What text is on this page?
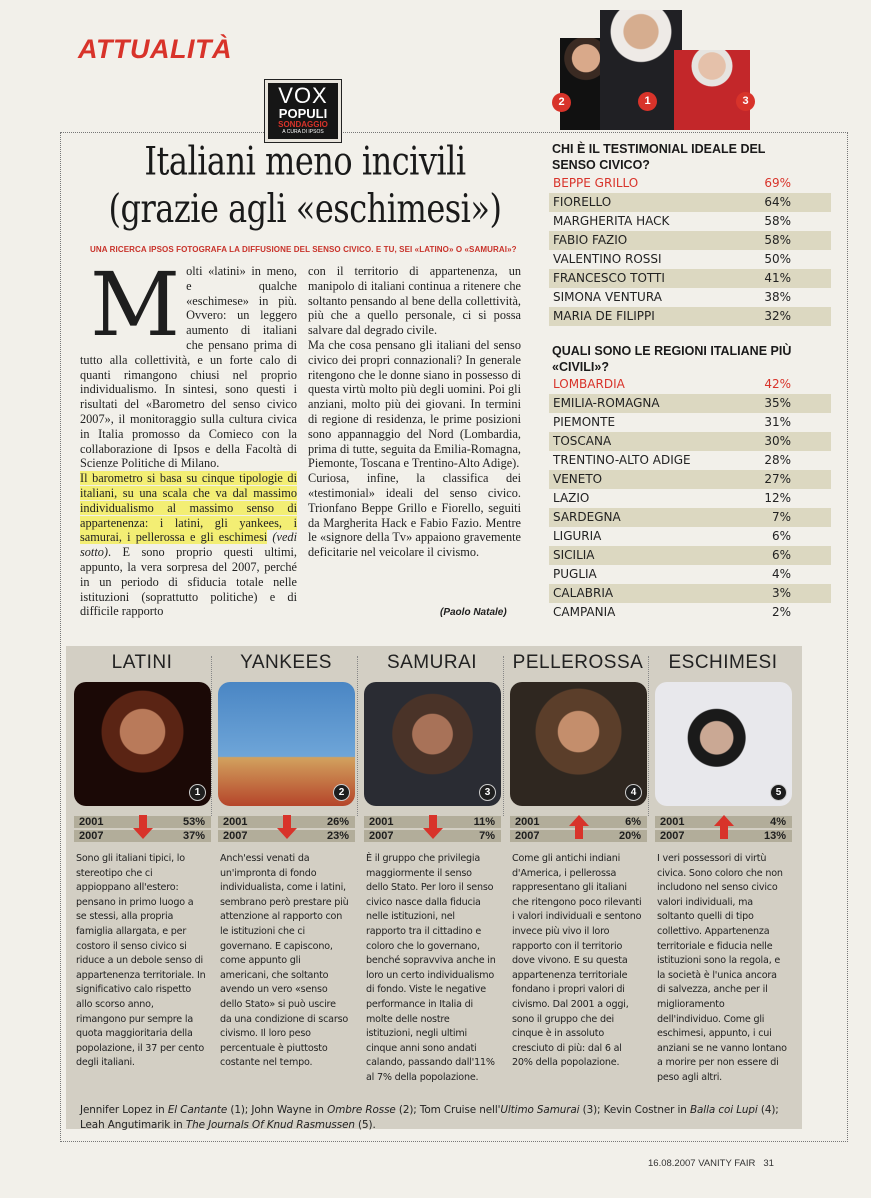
ATTUALITÀ
2	1	3
VOX
POPULI
SONDAGGIO
A CURA DI IPSOS
Italiani meno incivili
(grazie agli «eschimesi»)
UNA RICERCA IPSOS FOTOGRAFA LA DIFFUSIONE DEL SENSO CIVICO. E TU, SEI «LATINO» O «SAMURAI»?
Molti «latini» in meno, e qualche «eschimese» in più. Ovvero: un leggero aumento di italiani che pensano prima di tutto alla collettività, e un forte calo di quanti rimangono chiusi nel proprio individualismo. In sintesi, sono questi i risultati del «Barometro del senso civico 2007», il monitoraggio sulla cultura civica in Italia promosso da Comieco con la collaborazione di Ipsos e della Facoltà di Scienze Politiche di Milano.
Il barometro si basa su cinque tipologie di italiani, su una scala che va dal massimo individualismo al massimo senso di appartenenza: i latini, gli yankees, i samurai, i pellerossa e gli eschimesi (vedi sotto). E sono proprio questi ultimi, appunto, la vera sorpresa del 2007, perché in un periodo di sfiducia totale nelle istituzioni (soprattutto politiche) e di difficile rapporto
con il territorio di appartenenza, un manipolo di italiani continua a ritenere che soltanto pensando al bene della collettività, più che a quello personale, ci si possa salvare dal degrado civile.
Ma che cosa pensano gli italiani del senso civico dei propri connazionali? In generale ritengono che le donne siano in possesso di questa virtù molto più degli uomini. Poi gli anziani, molto più dei giovani. In termini di regione di residenza, le prime posizioni sono appannaggio del Nord (Lombardia, prima di tutte, seguita da Emilia-Romagna, Piemonte, Toscana e Trentino-Alto Adige).
Curiosa, infine, la classifica dei «testimonial» ideali del senso civico. Trionfano Beppe Grillo e Fiorello, seguiti da Margherita Hack e Fabio Fazio. Mentre le «signore della Tv» appaiono gravemente deficitarie nel veicolare il civismo.
(Paolo Natale)
CHI È IL TESTIMONIAL IDEALE DEL SENSO CIVICO?
BEPPE GRILLO	69%
FIORELLO	64%
MARGHERITA HACK	58%
FABIO FAZIO	58%
VALENTINO ROSSI	50%
FRANCESCO TOTTI	41%
SIMONA VENTURA	38%
MARIA DE FILIPPI	32%
QUALI SONO LE REGIONI ITALIANE PIÙ «CIVILI»?
LOMBARDIA	42%
EMILIA-ROMAGNA	35%
PIEMONTE	31%
TOSCANA	30%
TRENTINO-ALTO ADIGE	28%
VENETO	27%
LAZIO	12%
SARDEGNA	7%
LIGURIA	6%
SICILIA	6%
PUGLIA	4%
CALABRIA	3%
CAMPANIA	2%
LATINI
1
2001	53%
2007	37%
Sono gli italiani tipici, lo stereotipo che ci appioppano all'estero: pensano in primo luogo a se stessi, alla propria famiglia allargata, e per costoro il senso civico si riduce a un debole senso di appartenenza territoriale. In significativo calo rispetto allo scorso anno, rimangono pur sempre la quota maggioritaria della popolazione, il 37 per cento degli italiani.
YANKEES
2
2001	26%
2007	23%
Anch'essi venati da un'impronta di fondo individualista, come i latini, sembrano però prestare più attenzione al rapporto con le istituzioni che ci governano. E capiscono, come appunto gli americani, che soltanto avendo un vero «senso dello Stato» si può uscire da una condizione di scarso civismo. Il loro peso percentuale è piuttosto costante nel tempo.
SAMURAI
3
2001	11%
2007	7%
È il gruppo che privilegia maggiormente il senso dello Stato. Per loro il senso civico nasce dalla fiducia nelle istituzioni, nel rapporto tra il cittadino e coloro che lo governano, benché sopravviva anche in loro un certo individualismo di fondo. Viste le negative performance in Italia di molte delle nostre istituzioni, negli ultimi cinque anni sono andati calando, passando dall'11% al 7% della popolazione.
PELLEROSSA
4
2001	6%
2007	20%
Come gli antichi indiani d'America, i pellerossa rappresentano gli italiani che ritengono poco rilevanti i valori individuali e sentono invece più vivo il loro rapporto con il territorio dove vivono. E su questa appartenenza territoriale fondano i propri valori di civismo. Dal 2001 a oggi, sono il gruppo che dei cinque è in assoluto cresciuto di più: dal 6 al 20% della popolazione.
ESCHIMESI
5
2001	4%
2007	13%
I veri possessori di virtù civica. Sono coloro che non includono nel senso civico valori individuali, ma soltanto quelli di tipo collettivo. Appartenenza territoriale e fiducia nelle istituzioni sono la regola, e la società è l'unica ancora di salvezza, anche per il miglioramento dell'individuo. Come gli eschimesi, appunto, i cui anziani se ne vanno lontano a morire per non essere di peso agli altri.
Jennifer Lopez in El Cantante (1); John Wayne in Ombre Rosse (2); Tom Cruise nell'Ultimo Samurai (3); Kevin Costner in Balla coi Lupi (4); Leah Angutimarik in The Journals Of Knud Rasmussen (5).
16.08.2007 VANITY FAIR 31
